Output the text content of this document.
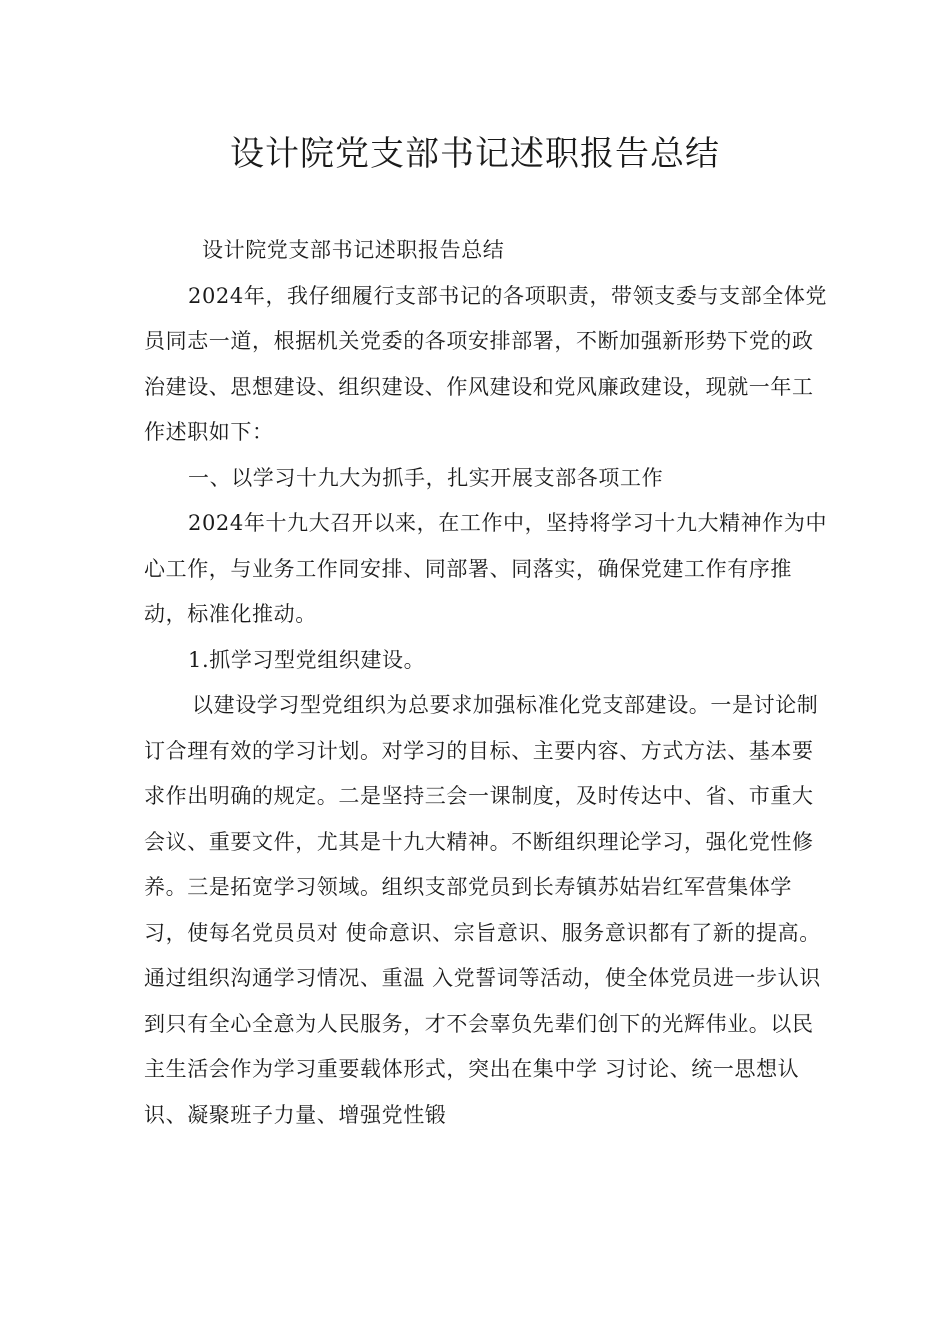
设计院党支部书记述职报告总结

设计院党支部书记述职报告总结

2024年，我仔细履行支部书记的各项职责，带领支委与支部全体党员同志一道，根据机关党委的各项安排部署，不断加强新形势下党的政治建设、思想建设、组织建设、作风建设和党风廉政建设，现就一年工作述职如下：

一、以学习十九大为抓手，扎实开展支部各项工作

2024年十九大召开以来，在工作中，坚持将学习十九大精神作为中心工作，与业务工作同安排、同部署、同落实，确保党建工作有序推动，标准化推动。

1.抓学习型党组织建设。

以建设学习型党组织为总要求加强标准化党支部建设。一是讨论制订合理有效的学习计划。对学习的目标、主要内容、方式方法、基本要求作出明确的规定。二是坚持三会一课制度，及时传达中、省、市重大会议、重要文件，尤其是十九大精神。不断组织理论学习，强化党性修养。三是拓宽学习领域。组织支部党员到长寿镇苏姑岩红军营集体学习，使每名党员员对 使命意识、宗旨意识、服务意识都有了新的提高。通过组织沟通学习情况、重温 入党誓词等活动，使全体党员进一步认识到只有全心全意为人民服务，才不会辜负先辈们创下的光辉伟业。以民主生活会作为学习重要载体形式，突出在集中学 习讨论、统一思想认识、凝聚班子力量、增强党性锻
